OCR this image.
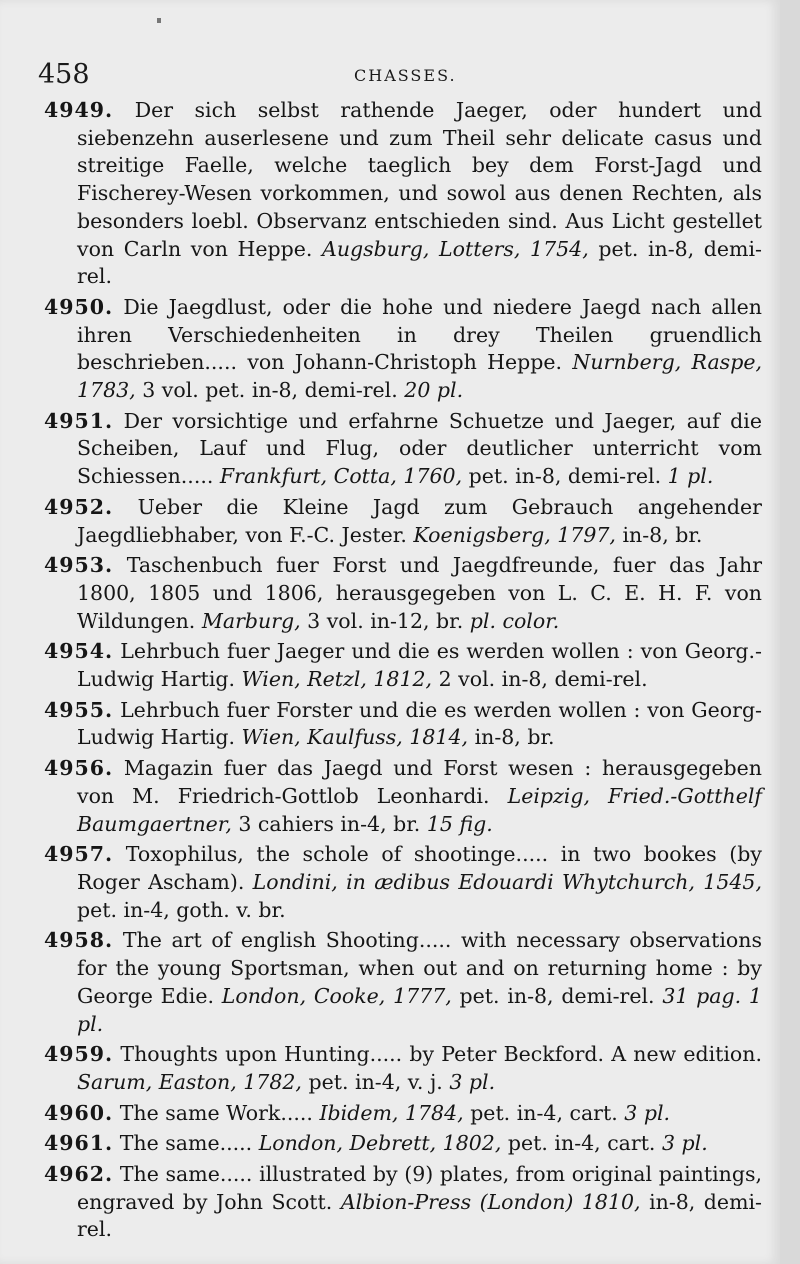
458	CHASSES.
4949. Der sich selbst rathende Jaeger, oder hundert und siebenzehn auserlesene und zum Theil sehr delicate casus und streitige Faelle, welche taeglich bey dem Forst-Jagd und Fischerey-Wesen vorkommen, und sowol aus denen Rechten, als besonders loebl. Observanz entschieden sind. Aus Licht gestellet von Carln von Heppe. Augsburg, Lotters, 1754, pet. in-8, demi-rel.
4950. Die Jaegdlust, oder die hohe und niedere Jaegd nach allen ihren Verschiedenheiten in drey Theilen gruendlich beschrieben..... von Johann-Christoph Heppe. Nurnberg, Raspe, 1783, 3 vol. pet. in-8, demi-rel. 20 pl.
4951. Der vorsichtige und erfahrne Schuetze und Jaeger, auf die Scheiben, Lauf und Flug, oder deutlicher unterricht vom Schiessen..... Frankfurt, Cotta, 1760, pet. in-8, demi-rel. 1 pl.
4952. Ueber die Kleine Jagd zum Gebrauch angehender Jaegdliebhaber, von F.-C. Jester. Koenigsberg, 1797, in-8, br.
4953. Taschenbuch fuer Forst und Jaegdfreunde, fuer das Jahr 1800, 1805 und 1806, herausgegeben von L. C. E. H. F. von Wildungen. Marburg, 3 vol. in-12, br. pl. color.
4954. Lehrbuch fuer Jaeger und die es werden wollen : von Georg.-Ludwig Hartig. Wien, Retzl, 1812, 2 vol. in-8, demi-rel.
4955. Lehrbuch fuer Forster und die es werden wollen : von Georg-Ludwig Hartig. Wien, Kaulfuss, 1814, in-8, br.
4956. Magazin fuer das Jaegd und Forst wesen : herausgegeben von M. Friedrich-Gottlob Leonhardi. Leipzig, Fried.-Gotthelf Baumgaertner, 3 cahiers in-4, br. 15 fig.
4957. Toxophilus, the schole of shootinge..... in two bookes (by Roger Ascham). Londini, in ædibus Edouardi Whytchurch, 1545, pet. in-4, goth. v. br.
4958. The art of english Shooting..... with necessary observations for the young Sportsman, when out and on returning home : by George Edie. London, Cooke, 1777, pet. in-8, demi-rel. 31 pag. 1 pl.
4959. Thoughts upon Hunting..... by Peter Beckford. A new edition. Sarum, Easton, 1782, pet. in-4, v. j. 3 pl.
4960. The same Work..... Ibidem, 1784, pet. in-4, cart. 3 pl.
4961. The same..... London, Debrett, 1802, pet. in-4, cart. 3 pl.
4962. The same..... illustrated by (9) plates, from original paintings, engraved by John Scott. Albion-Press (London) 1810, in-8, demi-rel.
